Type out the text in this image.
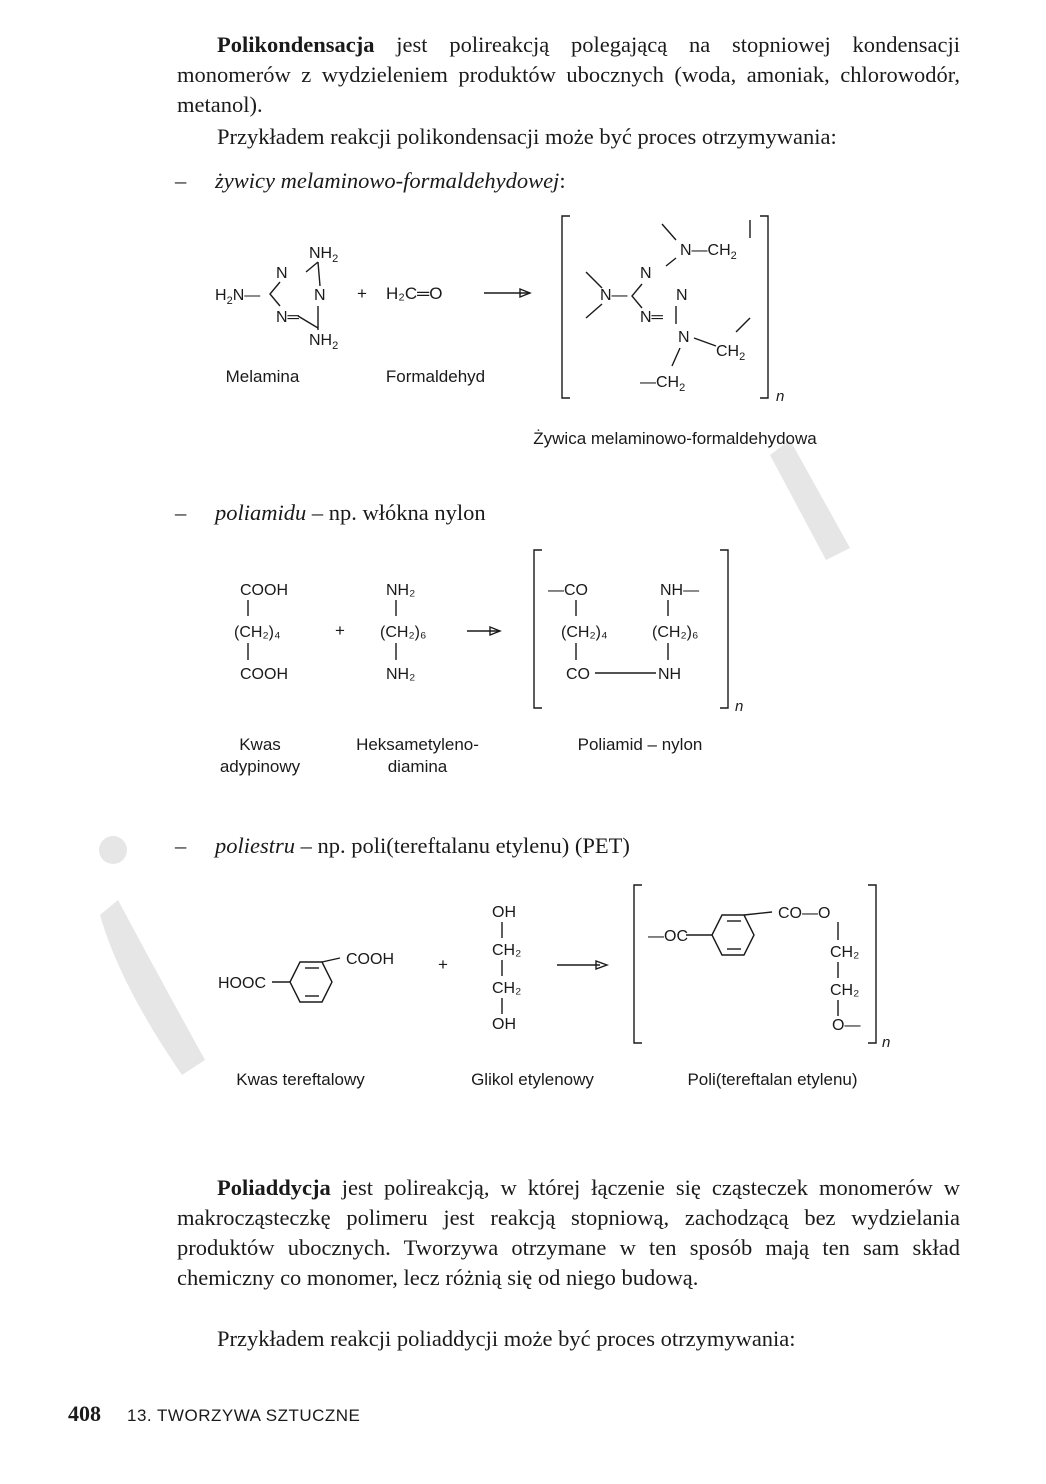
Polikondensacja jest polireakcją polegającą na stopniowej kondensacji monomerów z wydzieleniem produktów ubocznych (woda, amoniak, chlorowodór, metanol).
Przykładem reakcji polikondensacji może być proces otrzymywania:
– żywicy melaminowo-formaldehydowej:
$NH_2$
N
N
$H_2N—$
N═
$NH_2$
+ H₂C═O
n
$N—CH_2$
N
N—	N
N═
N
$CH_2$
$—CH_2$
Melamina	Formaldehyd
Żywica melaminowo-formaldehydowa
– poliamidu – np. włókna nylon
COOH
(CH₂)₄
COOH
+
NH₂
(CH₂)₆
NH₂
n
—CO
(CH₂)₄
CO
NH—
(CH₂)₆
NH
Kwas
adypinowy
Heksametyleno-
diamina
Poliamid – nylon
– poliestru – np. poli(tereftalanu etylenu) (PET)
HOOC
COOH	+
OH
CH₂
CH₂
OH
n
—OC
CO—O
CH₂
CH₂
O—
Kwas tereftalowy	Glikol etylenowy	Poli(tereftalan etylenu)
Poliaddycja jest polireakcją, w której łączenie się cząsteczek monomerów w makrocząsteczkę polimeru jest reakcją stopniową, zachodzącą bez wydzielania produktów ubocznych. Tworzywa otrzymane w ten sposób mają ten sam skład chemiczny co monomer, lecz różnią się od niego budową.
Przykładem reakcji poliaddycji może być proces otrzymywania:
408 13. TWORZYWA SZTUCZNE
